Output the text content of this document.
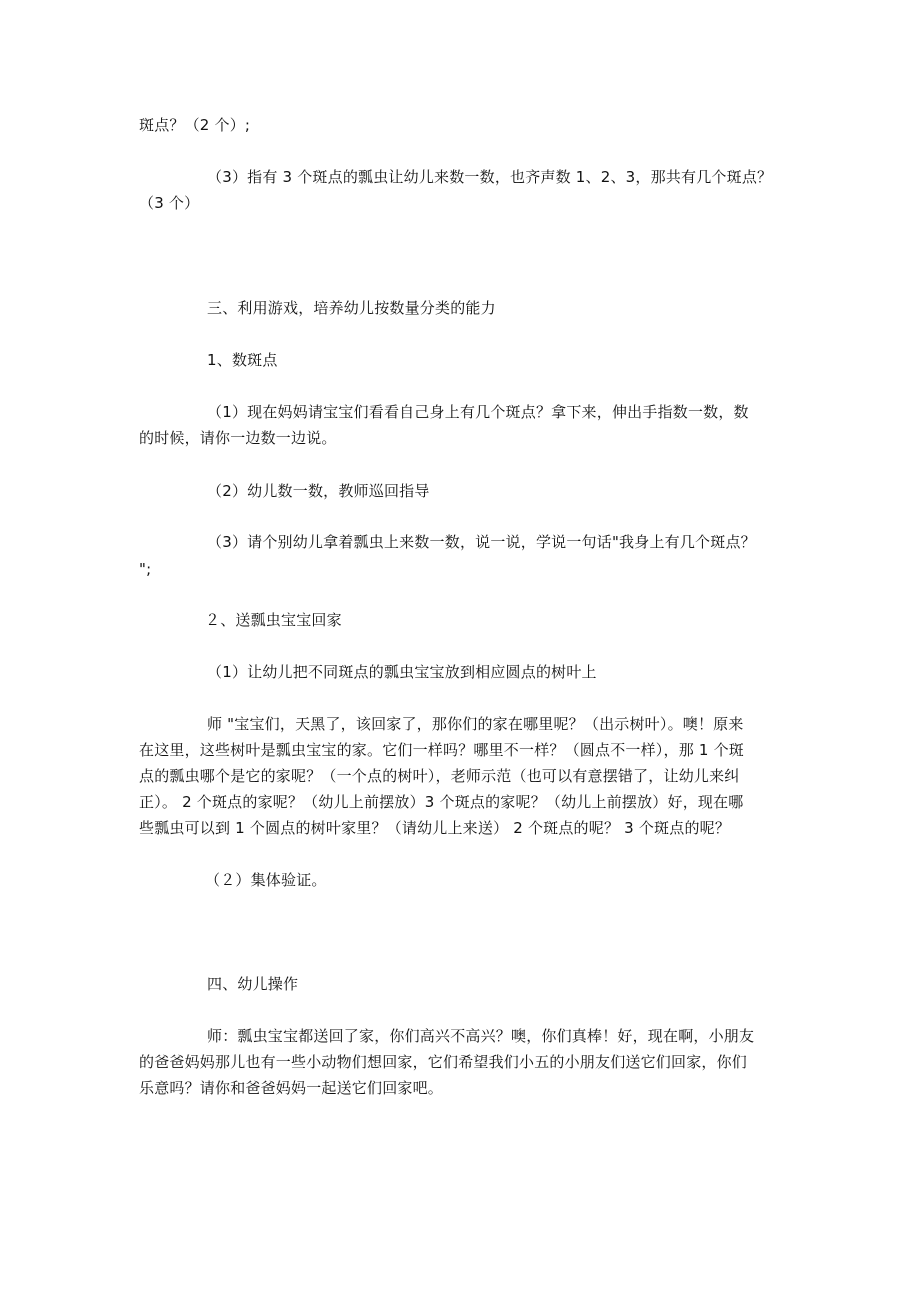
斑点？（2 个）;
（3）指有 3 个斑点的瓢虫让幼儿来数一数，也齐声数 1、2、3，那共有几个斑点？
（3 个）
三、利用游戏，培养幼儿按数量分类的能力
1、数斑点
（1）现在妈妈请宝宝们看看自己身上有几个斑点？拿下来，伸出手指数一数，数
的时候，请你一边数一边说。
（2）幼儿数一数，教师巡回指导
（3）请个别幼儿拿着瓢虫上来数一数，说一说，学说一句话"我身上有几个斑点？
";
２、送瓢虫宝宝回家
（1）让幼儿把不同斑点的瓢虫宝宝放到相应圆点的树叶上
师 "宝宝们，天黑了，该回家了，那你们的家在哪里呢？（出示树叶）。噢！原来
在这里，这些树叶是瓢虫宝宝的家。它们一样吗？哪里不一样？（圆点不一样），那 1 个斑
点的瓢虫哪个是它的家呢？（一个点的树叶），老师示范（也可以有意摆错了，让幼儿来纠
正）。 2 个斑点的家呢？（幼儿上前摆放）3 个斑点的家呢？（幼儿上前摆放）好，现在哪
些瓢虫可以到 1 个圆点的树叶家里？（请幼儿上来送） 2 个斑点的呢？ 3 个斑点的呢？
（２）集体验证。
四、幼儿操作
师：瓢虫宝宝都送回了家，你们高兴不高兴？噢，你们真棒！好，现在啊，小朋友
的爸爸妈妈那儿也有一些小动物们想回家，它们希望我们小五的小朋友们送它们回家，你们
乐意吗？请你和爸爸妈妈一起送它们回家吧。
